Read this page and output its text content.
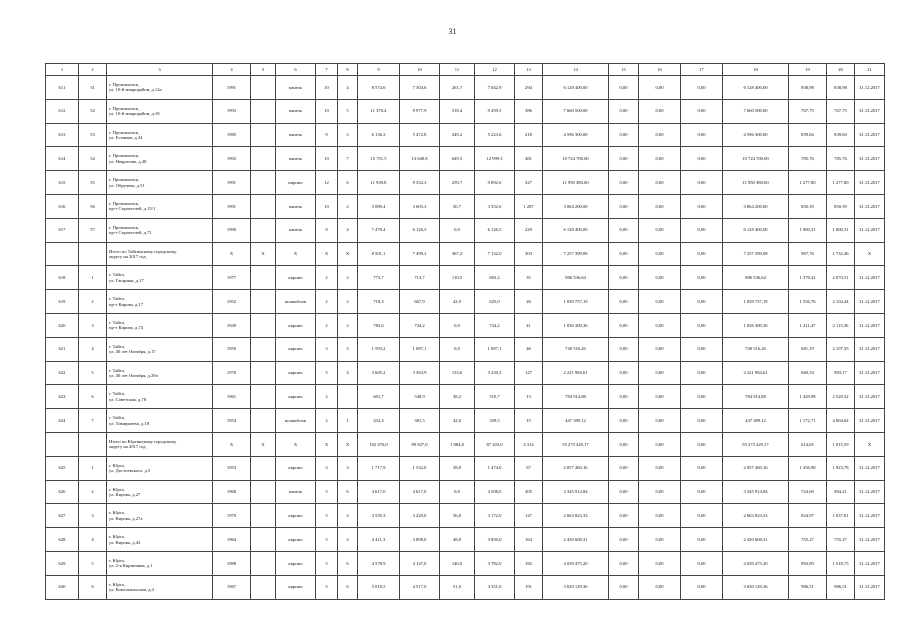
31
1	2	3	4	5	6	7	8	9	10	11	12	13	14	15	16	17	18	19	20	21
611	51	г. Прокопьевск,
ул. 10-й микрорайон, д.12а	1991		панель	10	4	8 574,6	7 304,6	261,7	7 042,9	294	6 128 400,00	0,00	0,00	0,00	6 128 400,00	838,98	838,98	31.12.2017
612	52	г. Прокопьевск,
ул. 10-й микрорайон, д.18	1993		панель	10	5	11 370,4	9 977,9	518,4	9 459,5	386	7 660 500,00	0,00	0,00	0,00	7 660 500,00	767,75	767,75	31.12.2017
613	53	г. Прокопьевск,
ул. Есенина, д.34	1985		панель	9	3	6 136,3	5 472,8	249,2	5 223,6	218	4 596 300,00	0,00	0,00	0,00	4 596 300,00	839,84	839,84	31.12.2017
614	54	г. Прокопьевск,
ул. Некрасова, д.28	1992		панель	10	7	15 751,5	13 648,8	649,5	12 999,3	481	10 724 700,00	0,00	0,00	0,00	10 724 700,00	785,76	785,76	31.12.2017
615	55	г. Прокопьевск,
ул. Обручева, д.51	1991		кирпич	12	6	11 939,8	9 352,3	259,7	9 092,6	327	11 950 380,00	0,00	0,00	0,00	11 950 380,00	1 277,80	1 277,80	31.12.2017
616	56	г. Прокопьевск,
пр-т Строителей, д.15/1	1991		панель	10	2	5 089,4	3 603,3	50,7	3 552,6	1 287	3 064 200,00	0,00	0,00	0,00	3 064 200,00	850,39	850,39	31.12.2017
617	57	г. Прокопьевск,
пр-т Строителей, д.71	1990		панель	9	4	7 478,4	6 126,5	0,0	6 126,5	229	6 128 400,00	0,00	0,00	0,00	6 128 400,00	1 000,31	1 000,31	31.12.2017
		Итого по Тайгинскому городскому
округу на 2017 год	X	X	X	X	X	8 501,1	7 499,2	367,2	7 132,0	303	7 257 399,08	0,00	0,00	0,00	7 257 399,08	967,76	1 732,46	X
618	1	г. Тайга,
ул. Гагарина, д.17	1977		кирпич	2	2	773,7	713,7	110,5	603,2	35	986 536,64	0,00	0,00	0,00	986 536,64	1 378,42	2 070,51	31.12.2017
619	2	г. Тайга,
пр-т Кирова, д.17	1952		шлакоблок	2	2	718,3	667,9	42,9	625,0	26	1 039 757,19	0,00	0,00	0,00	1 039 757,19	1 556,76	2 104,44	31.12.2017
620	3	г. Тайга,
пр-т Кирова, д.74	1949		кирпич	2	2	783,6	734,2	0,0	734,2	41	1 036 300,36	0,00	0,00	0,00	1 036 300,36	1 411,47	2 115,36	31.12.2017
621	4	г. Тайга,
ул. 40 лет Октября, д.17	1959		кирпич	3	3	1 593,2	1 087,1	0,0	1 087,1	46	740 516,26	0,00	0,00	0,00	740 516,26	681,19	2 107,35	31.12.2017
622	5	г. Тайга,
ул. 40 лет Октября, д.29а	1978		кирпич	5	4	3 605,2	3 363,9	133,6	3 230,3	127	2 221 984,61	0,00	0,00	0,00	2 221 984,61	660,54	983,17	31.12.2017
623	6	г. Тайга,
ул. Советская, д.78	1961		кирпич	2		601,7	548,9	38,2	510,7	13	784 914,88	0,00	0,00	0,00	784 914,88	1 429,98	2 520,32	31.12.2017
624	7	г. Тайга,
ул. Тимирязева, д.18	1954		шлакоблок	2	1	432,4	381,5	42,0	339,5	15	447 389,12	0,00	0,00	0,00	447 389,12	1 172,71	4 004,64	31.12.2017
		Итого по Юргинскому городскому
округу на 2017 год	X	X	X	X	X	102 476,0	89 927,0	1 884,0	87 203,0	4 314	55 273 429,17	0,00	0,00	0,00	55 273 429,17	614,65	1 015,59	X
625	1	г. Юрга,
ул. Достоевского, д.5	1953		кирпич	3	3	1 717,9	1 532,0	58,0	1 474,0	67	2 057 460,16	0,00	0,00	0,00	2 057 460,16	1 356,98	1 923,78	31.12.2017
626	2	г. Юрга,
ул. Кирова, д.27	1968		панель	5	6	4 617,0	4 617,0	0,0	4 508,0	205	3 345 914,84	0,00	0,00	0,00	3 345 914,84	724,69	904,21	31.12.2017
627	3	г. Юрга,
ул. Кирова, д.27а	1979		кирпич	5	2	3 535,3	3 229,0	56,0	3 172,0	147	2 663 823,33	0,00	0,00	0,00	2 663 823,33	824,97	1 037,81	31.12.2017
628	4	г. Юрга,
ул. Кирова, д.43	1964		кирпич	5	2	4 411,3	3 898,0	48,0	3 850,0	164	2 430 608,31	0,00	0,00	0,00	2 430 608,31	755,27	755,27	31.12.2017
629	5	г. Юрга,
ул. 2-я Кирпичная, д.1	1988		кирпич	5	6	4 578,9	4 147,0	140,0	3 782,0	182	4 039 475,20	0,00	0,00	0,00	4 039 475,20	993,89	1 518,75	31.12.2017
630	6	г. Юрга,
ул. Комсомольская, д.4	1967		кирпич	5	6	5 018,5	4 517,0	51,0	4 351,0	191	3 650 129,36	0,00	0,00	0,00	3 650 129,36	986,51	986,51	31.12.2017
